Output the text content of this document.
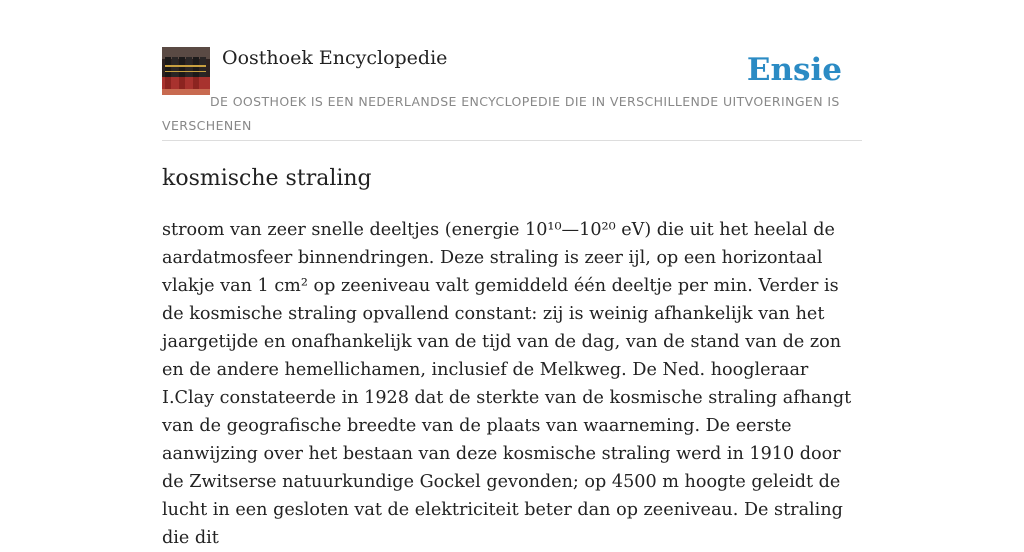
Oosthoek Encyclopedie	Ensie
DE OOSTHOEK IS EEN NEDERLANDSE ENCYCLOPEDIE DIE IN VERSCHILLENDE UITVOERINGEN IS VERSCHENEN
kosmische straling

stroom van zeer snelle deeltjes (energie 10¹⁰—10²⁰ eV) die uit het heelal de aardatmosfeer binnendringen. Deze straling is zeer ijl, op een horizontaal vlakje van 1 cm² op zeeniveau valt gemiddeld één deeltje per min. Verder is de kosmische straling opvallend constant: zij is weinig afhankelijk van het jaargetijde en onafhankelijk van de tijd van de dag, van de stand van de zon en de andere hemellichamen, inclusief de Melkweg. De Ned. hoogleraar I.Clay constateerde in 1928 dat de sterkte van de kosmische straling afhangt van de geografische breedte van de plaats van waarneming. De eerste aanwijzing over het bestaan van deze kosmische straling werd in 1910 door de Zwitserse natuurkundige Gockel gevonden; op 4500 m hoogte geleidt de lucht in een gesloten vat de elektriciteit beter dan op zeeniveau. De straling die dit
